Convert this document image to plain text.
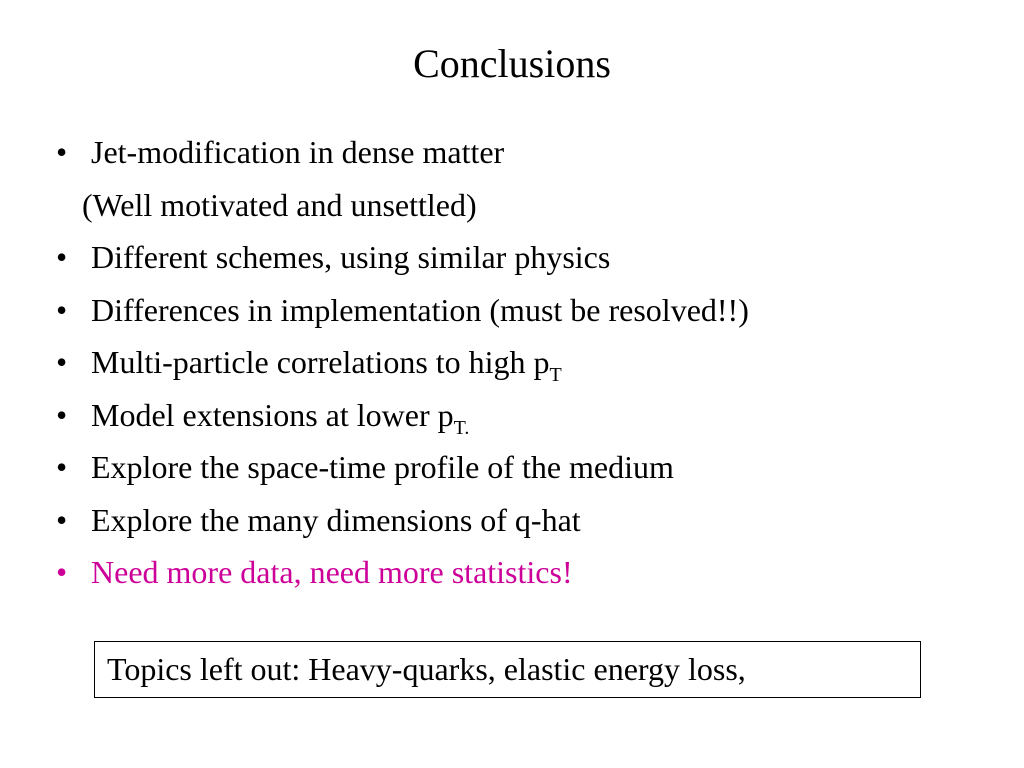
Conclusions
• Jet-modification in dense matter
(Well motivated and unsettled)
• Different schemes, using similar physics
• Differences in implementation (must be resolved!!)
• Multi-particle correlations to high $p_T$
• Model extensions at lower $p_{T.}$
• Explore the space-time profile of the medium
• Explore the many dimensions of q-hat
• Need more data, need more statistics!
Topics left out: Heavy-quarks, elastic energy loss,
